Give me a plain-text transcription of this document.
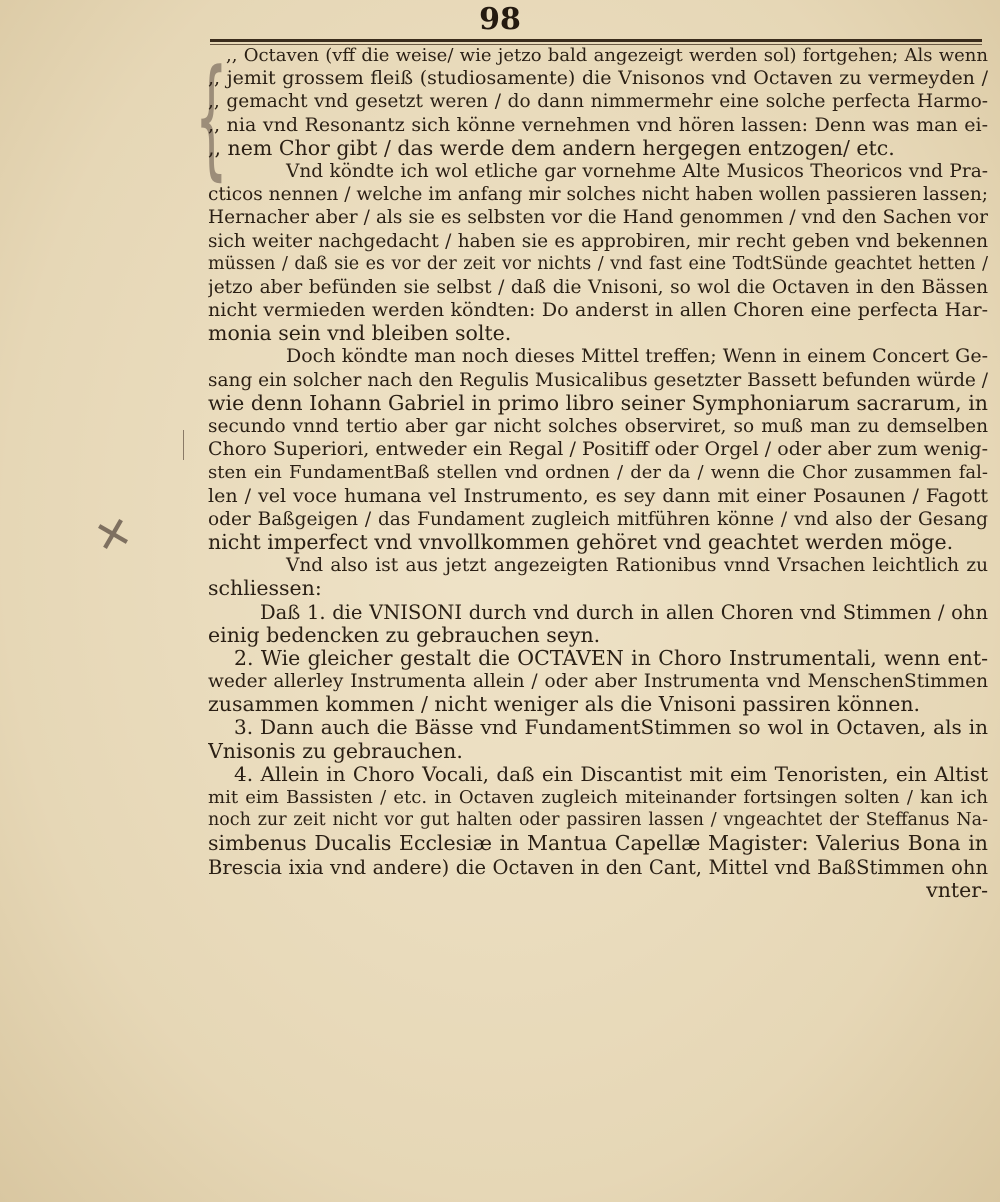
98
{
✕
,, Octaven (vff die weise/ wie jetzo bald angezeigt werden sol) fortgehen; Als wenn
,, jemit grossem fleiß (studiosamente) die Vnisonos vnd Octaven zu vermeyden /
,, gemacht vnd gesetzt weren / do dann nimmermehr eine solche perfecta Harmo-
,, nia vnd Resonantz sich könne vernehmen vnd hören lassen: Denn was man ei-
,, nem Chor gibt / das werde dem andern hergegen entzogen/ etc.
Vnd köndte ich wol etliche gar vornehme Alte Musicos Theoricos vnd Pra-
cticos nennen / welche im anfang mir solches nicht haben wollen passieren lassen;
Hernacher aber / als sie es selbsten vor die Hand genommen / vnd den Sachen vor
sich weiter nachgedacht / haben sie es approbiren, mir recht geben vnd bekennen
müssen / daß sie es vor der zeit vor nichts / vnd fast eine TodtSünde geachtet hetten /
jetzo aber befünden sie selbst / daß die Vnisoni, so wol die Octaven in den Bässen
nicht vermieden werden köndten: Do anderst in allen Choren eine perfecta Har-
monia sein vnd bleiben solte.
Doch köndte man noch dieses Mittel treffen; Wenn in einem Concert Ge-
sang ein solcher nach den Regulis Musicalibus gesetzter Bassett befunden würde /
wie denn Iohann Gabriel in primo libro seiner Symphoniarum sacrarum, in
secundo vnnd tertio aber gar nicht solches observiret, so muß man zu demselben
Choro Superiori, entweder ein Regal / Positiff oder Orgel / oder aber zum wenig-
sten ein FundamentBaß stellen vnd ordnen / der da / wenn die Chor zusammen fal-
len / vel voce humana vel Instrumento, es sey dann mit einer Posaunen / Fagott
oder Baßgeigen / das Fundament zugleich mitführen könne / vnd also der Gesang
nicht imperfect vnd vnvollkommen gehöret vnd geachtet werden möge.
Vnd also ist aus jetzt angezeigten Rationibus vnnd Vrsachen leichtlich zu
schliessen:
Daß 1. die VNISONI durch vnd durch in allen Choren vnd Stimmen / ohn
einig bedencken zu gebrauchen seyn.
2. Wie gleicher gestalt die OCTAVEN in Choro Instrumentali, wenn ent-
weder allerley Instrumenta allein / oder aber Instrumenta vnd MenschenStimmen
zusammen kommen / nicht weniger als die Vnisoni passiren können.
3. Dann auch die Bässe vnd FundamentStimmen so wol in Octaven, als in
Vnisonis zu gebrauchen.
4. Allein in Choro Vocali, daß ein Discantist mit eim Tenoristen, ein Altist
mit eim Bassisten / etc. in Octaven zugleich miteinander fortsingen solten / kan ich
noch zur zeit nicht vor gut halten oder passiren lassen / vngeachtet der Steffanus Na-
simbenus Ducalis Ecclesiæ in Mantua Capellæ Magister: Valerius Bona in
Brescia ixia vnd andere) die Octaven in den Cant, Mittel vnd BaßStimmen ohn
vnter-
